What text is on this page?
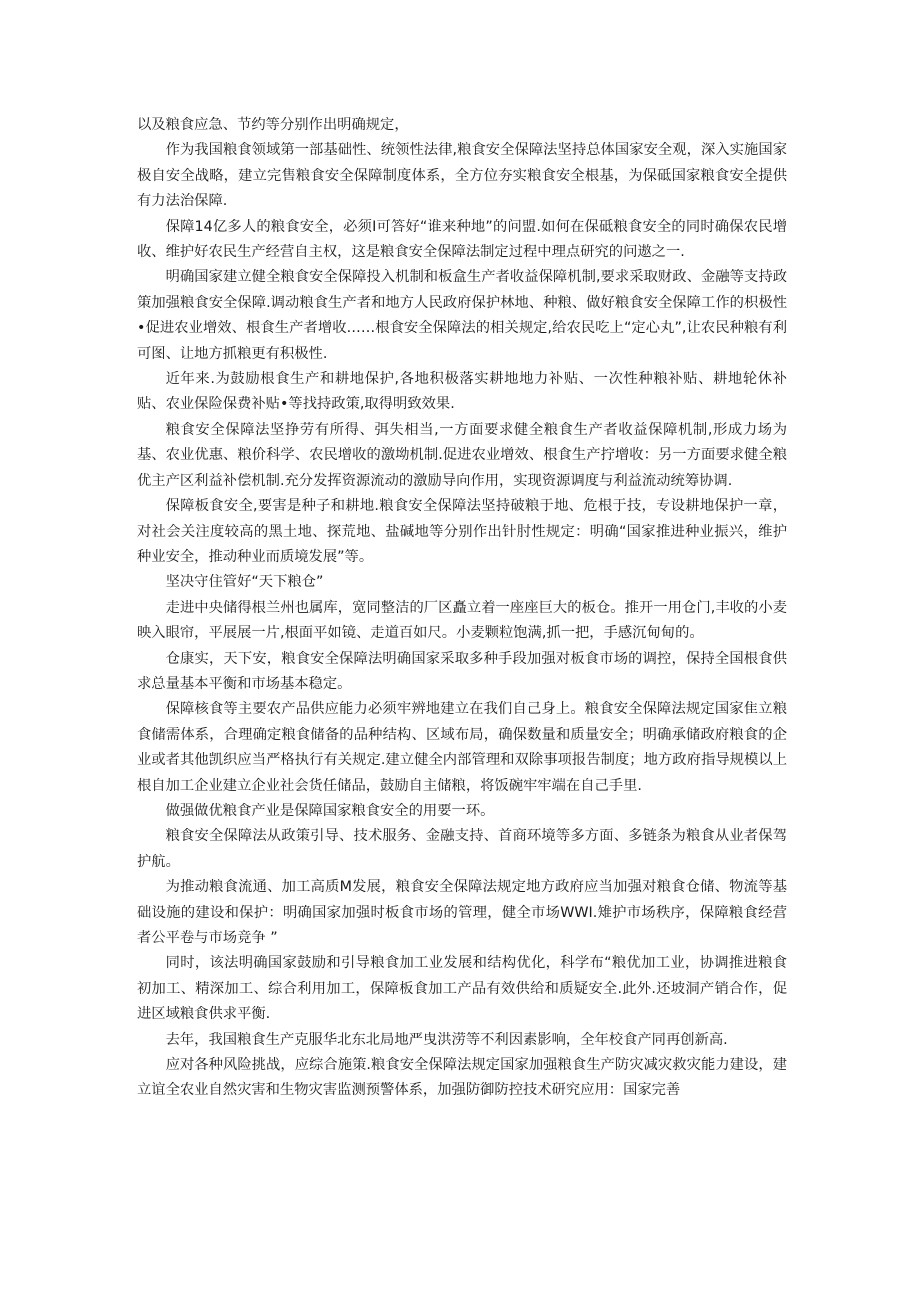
以及粮食应急、节约等分别作出明确规定，

作为我国粮食领域第一部基础性、统领性法律,粮食安全保障法坚持总体国家安全观，深入实施国家极自安全战略，建立完售粮食安全保障制度体系，全方位夯实粮食安全根基，为保砥国家粮食安全提供有力法治保障.

保障14亿多人的粮食安全，必须I可答好“谁来种地”的问盟.如何在保砥粮食安全的同时确保农民增收、维护好农民生产经营自主权，这是粮食安全保障法制定过程中理点研究的问遨之一.

明确国家建立健全粮食安全保障投入机制和板盒生产者收益保障机制,要求采取财政、金融等支持政策加强粮食安全保障.调动粮食生产者和地方人民政府保护林地、种粮、做好粮食安全保障工作的枳极性•促进农业增效、根食生产者增收……根食安全保障法的相关规定,给农民吃上“定心丸”,让农民种粮有利可图、让地方抓粮更有积极性.

近年来.为鼓励根食生产和耕地保护,各地积极落实耕地地力补贴、一次性种粮补贴、耕地轮休补贴、农业保险保费补贴•等找持政策,取得明致效果.

粮食安全保障法坚挣劳有所得、弭失相当,一方面要求健全粮食生产者收益保障机制,形成力场为基、农业优惠、粮价科学、农民增收的激坳机制.促进农业增效、根食生产拧增收：另一方面要求健全粮优主产区利益补偿机制.充分发挥资源流动的激励导向作用，实现资源调度与利益流动统筹协调.

保障板食安全,要害是种子和耕地.粮食安全保障法坚持破粮于地、危根于技，专设耕地保护一章，对社会关注度较高的黑土地、探荒地、盐碱地等分别作出针肘性规定：明确“国家推进种业振兴，维护种业安全，推动种业而质境发展”等。

坚决守住管好“天下粮仓”

走进中央储得根兰州也属库，宽同整洁的厂区矗立着一座座巨大的板仓。推开一用仓门,丰收的小麦映入眼帘，平展展一片,根面平如镜、走道百如尺。小麦颗粒饱满,抓一把，手感沉甸甸的。

仓康实，天下安，粮食安全保障法明确国家采取多种手段加强对板食市场的调控，保持全国根食供求总量基本平衡和市场基本稳定。

保障核食等主要农产品供应能力必须牢辨地建立在我们自己身上。粮食安全保障法规定国家隹立粮食储需体系，合理确定粮食储备的品种结构、区域布局，确保数量和质量安全；明确承储政府粮食的企业或者其他凯织应当严格执行有关规定.建立健全内部管理和双除事项报告制度；地方政府指导规模以上根自加工企业建立企业社会货任储品，鼓励自主储粮，将饭碗牢牢端在自己手里.

做强做优粮食产业是保障国家粮食安全的用要一环。

粮食安全保障法从政策引导、技术服务、金融支持、首商环境等多方面、多链条为粮食从业者保驾护航。

为推动粮食流通、加工高质M发展，粮食安全保障法规定地方政府应当加强对粮食仓储、物流等基础设施的建设和保护：明确国家加强时板食市场的管理，健全市场WWI.雉护市场秩序，保障粮食经营者公平卷与市场竞争 ”

同时，该法明确国家鼓励和引导粮食加工业发展和结构优化，科学布“粮优加工业，协调推进粮食初加工、精深加工、综合利用加工，保障板食加工产品有效供给和质疑安全.此外.还坡洞产销合作，促进区域粮食供求平衡.

去年，我国粮食生产克服华北东北局地严曳洪涝等不利因素影响，全年校食产同再创新高.

应对各种风险挑战，应综合施策.粮食安全保障法规定国家加强粮食生产防灾减灾救灾能力建设，建立谊全农业自然灾害和生物灾害监测预警体系，加强防御防控技术研究应用：国家完善
